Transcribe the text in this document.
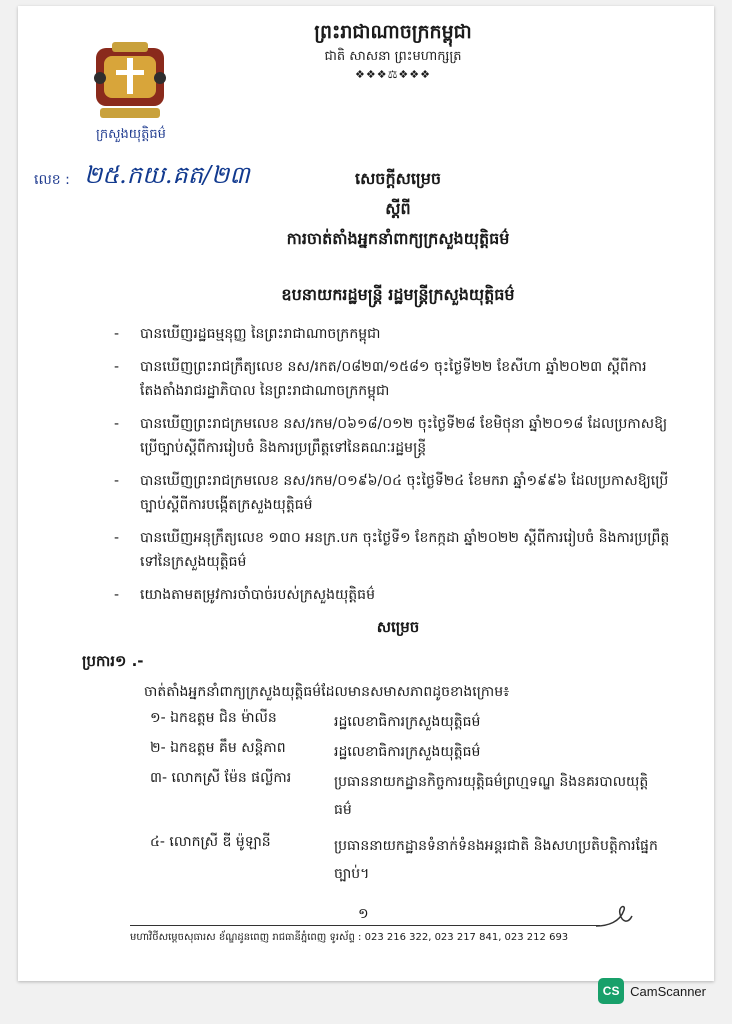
ព្រះរាជាណាចក្រកម្ពុជា
ជាតិ សាសនា ព្រះមហាក្សត្រ
❖❖❖⚖❖❖❖
ក្រសួងយុត្តិធម៌
លេខ : ២៥.កយ.គត/២៣	សេចក្តីសម្រេច
ស្តីពី
ការចាត់តាំងអ្នកនាំពាក្យក្រសួងយុត្តិធម៌
ឧបនាយករដ្ឋមន្ត្រី រដ្ឋមន្ត្រីក្រសួងយុត្តិធម៌
- បានឃើញរដ្ឋធម្មនុញ្ញ នៃព្រះរាជាណាចក្រកម្ពុជា
- បានឃើញព្រះរាជក្រឹត្យលេខ នស/រកត/០៨២៣/១៥៨១ ចុះថ្ងៃទី២២ ខែសីហា ឆ្នាំ២០២៣ ស្តីពីការតែងតាំងរាជរដ្ឋាភិបាល នៃព្រះរាជាណាចក្រកម្ពុជា
- បានឃើញព្រះរាជក្រមលេខ នស/រកម/០៦១៨/០១២ ចុះថ្ងៃទី២៨ ខែមិថុនា ឆ្នាំ២០១៨ ដែលប្រកាសឱ្យប្រើច្បាប់ស្តីពីការរៀបចំ និងការប្រព្រឹត្តទៅនៃគណៈរដ្ឋមន្ត្រី
- បានឃើញព្រះរាជក្រមលេខ នស/រកម/០១៩៦/០៤ ចុះថ្ងៃទី២៤ ខែមករា ឆ្នាំ១៩៩៦ ដែលប្រកាសឱ្យប្រើច្បាប់ស្តីពីការបង្កើតក្រសួងយុត្តិធម៌
- បានឃើញអនុក្រឹត្យលេខ ១៣០ អនក្រ.បក ចុះថ្ងៃទី១ ខែកក្កដា ឆ្នាំ២០២២ ស្តីពីការរៀបចំ និងការប្រព្រឹត្តទៅនៃក្រសួងយុត្តិធម៌
- យោងតាមតម្រូវការចាំបាច់របស់ក្រសួងយុត្តិធម៌
សម្រេច
ប្រការ១ .-
ចាត់តាំងអ្នកនាំពាក្យក្រសួងយុត្តិធម៌ដែលមានសមាសភាពដូចខាងក្រោម៖
១- ឯកឧត្តម ជិន ម៉ាលីន	រដ្ឋលេខាធិការក្រសួងយុត្តិធម៌
២- ឯកឧត្តម គឹម សន្តិភាព	រដ្ឋលេខាធិការក្រសួងយុត្តិធម៌
៣- លោកស្រី ម៉ែន ផល្លីការ	ប្រធាននាយកដ្ឋានកិច្ចការយុត្តិធម៌ព្រហ្មទណ្ឌ និងនគរបាលយុត្តិធម៌
៤- លោកស្រី ឌី ម៉ូឡានី	ប្រធាននាយកដ្ឋានទំនាក់ទំនងអន្តរជាតិ និងសហប្រតិបត្តិការផ្នែកច្បាប់។
១
មហាវិថីសម្តេចសុធារស ខ័ណ្ឌដូនពេញ រាជធានីភ្នំពេញ ទូរស័ព្ទ : 023 216 322, 023 217 841, 023 212 693
CS CamScanner
